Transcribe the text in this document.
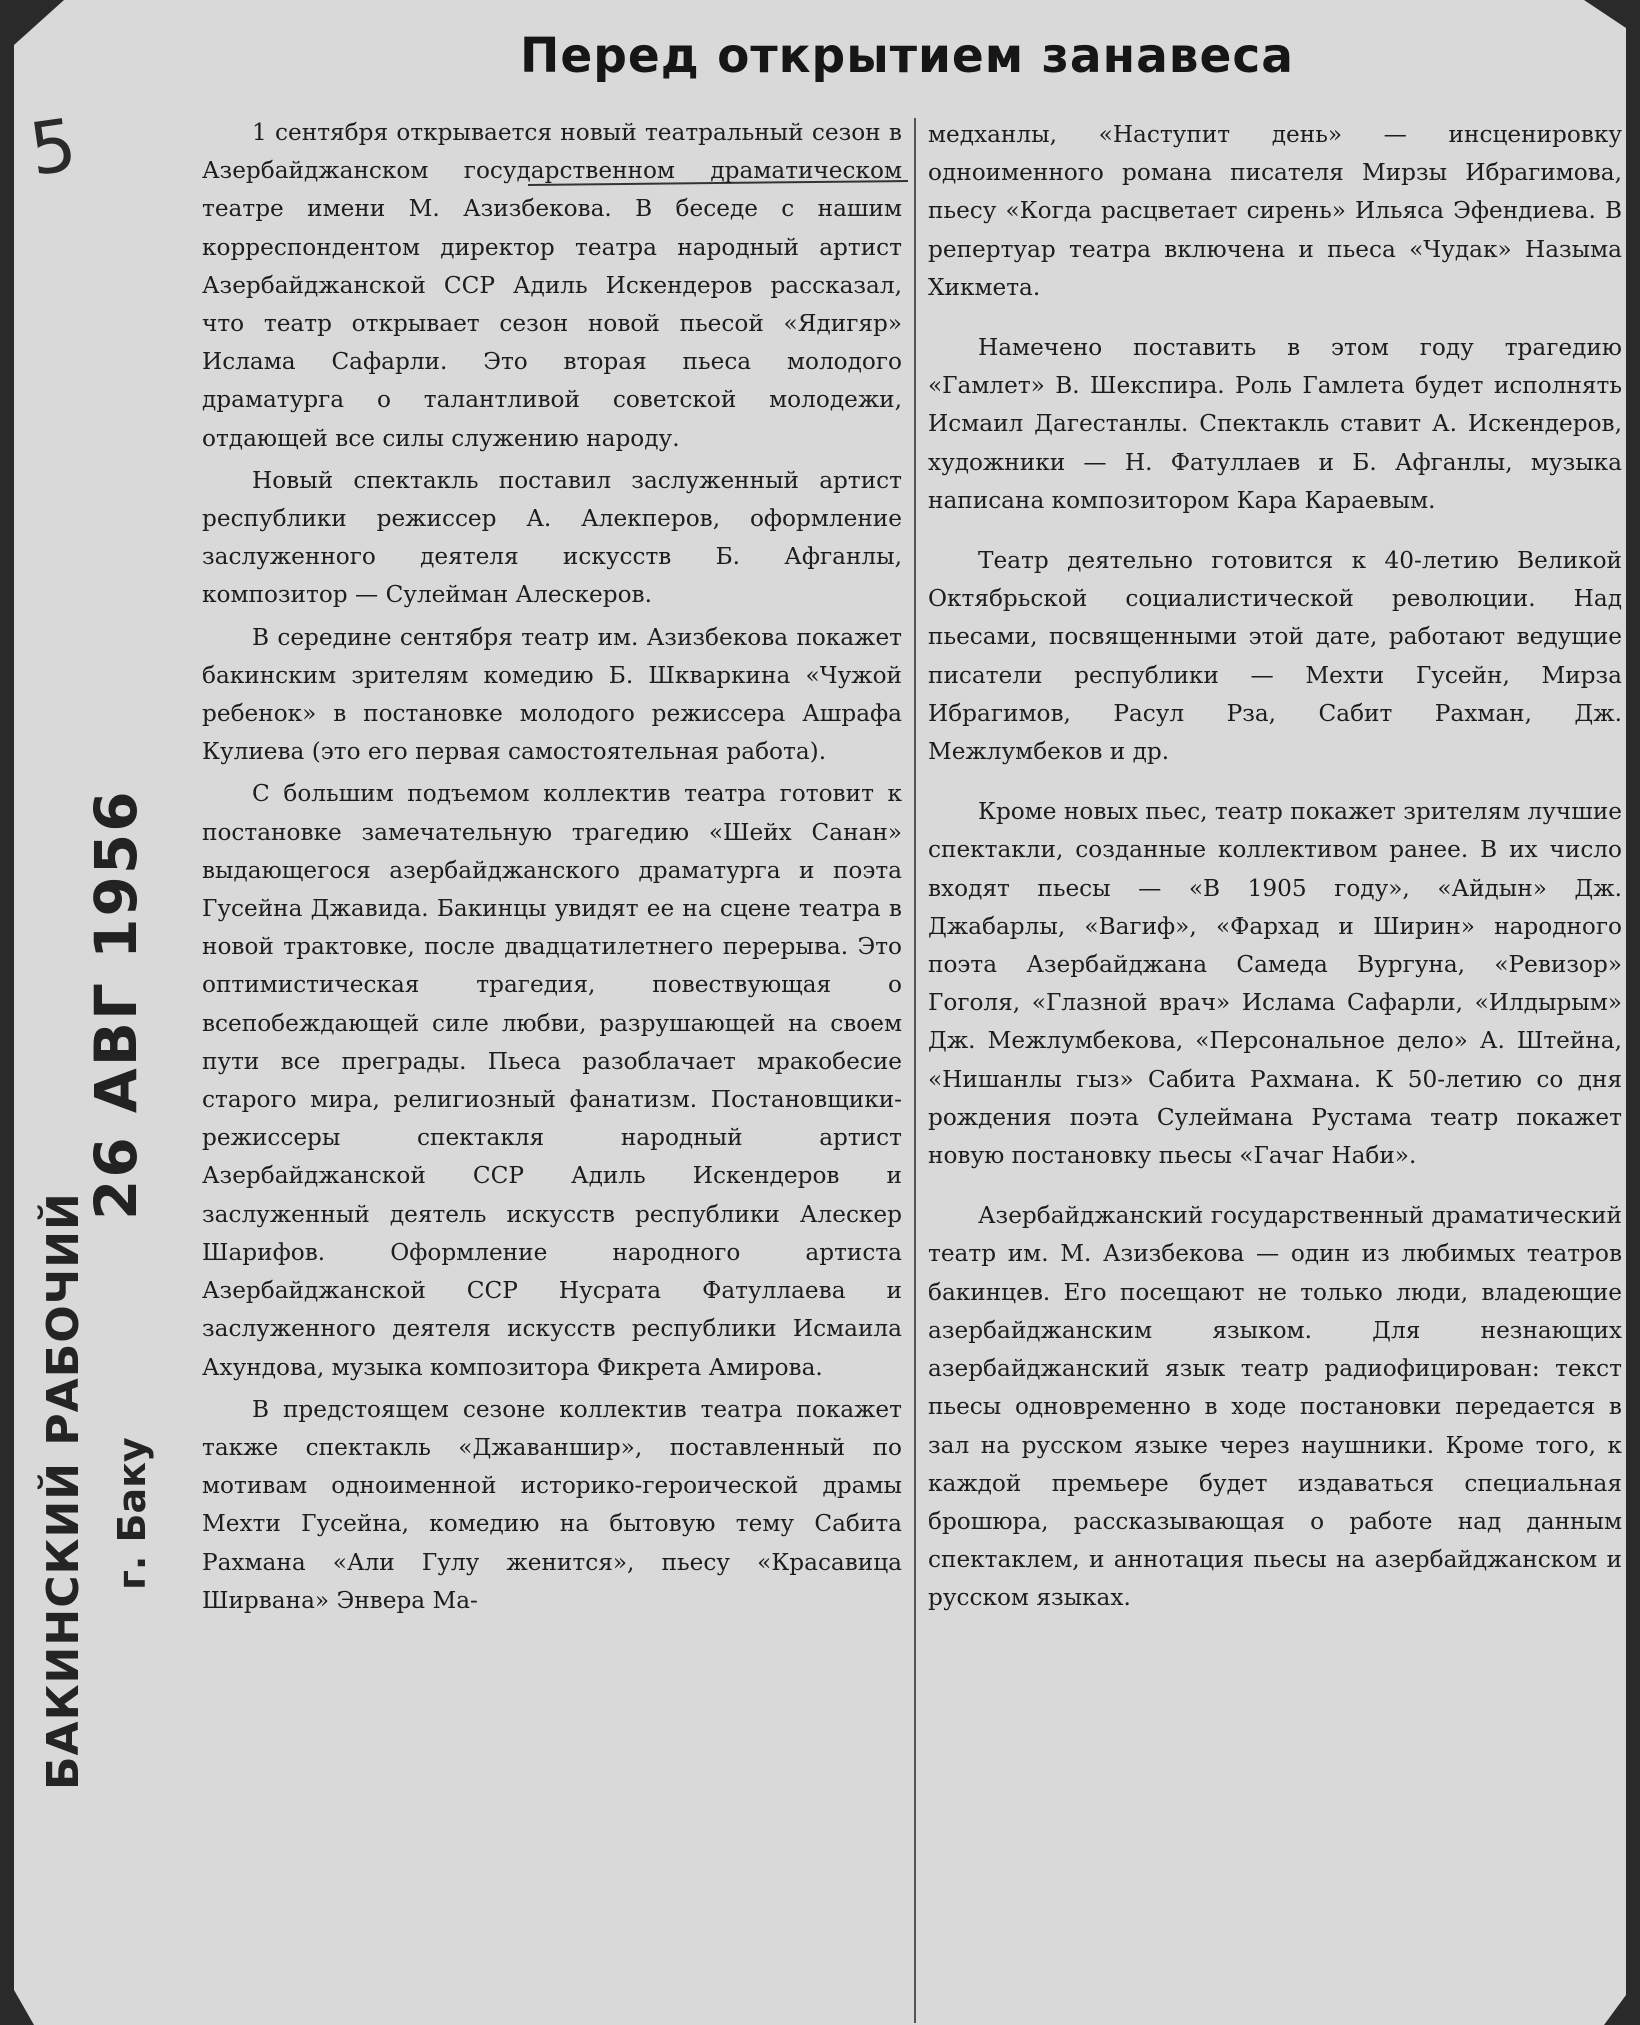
Перед открытием занавеса
5
26 АВГ 1956
БАКИНСКИЙ РАБОЧИЙ г. Баку

1 сентября открывается новый театральный сезон в Азербайджанском государственном драматическом театре имени М. Азизбекова. В беседе с нашим корреспондентом директор театра народный артист Азербайджанской ССР Адиль Искендеров рассказал, что театр открывает сезон новой пьесой «Ядигяр» Ислама Сафарли. Это вторая пьеса молодого драматурга о талантливой советской молодежи, отдающей все силы служению народу.

Новый спектакль поставил заслуженный артист республики режиссер А. Алекперов, оформление заслуженного деятеля искусств Б. Афганлы, композитор — Сулейман Алескеров.

В середине сентября театр им. Азизбекова покажет бакинским зрителям комедию Б. Шкваркина «Чужой ребенок» в постановке молодого режиссера Ашрафа Кулиева (это его первая самостоятельная работа).

С большим подъемом коллектив театра готовит к постановке замечательную трагедию «Шейх Санан» выдающегося азербайджанского драматурга и поэта Гусейна Джавида. Бакинцы увидят ее на сцене театра в новой трактовке, после двадцатилетнего перерыва. Это оптимистическая трагедия, повествующая о всепобеждающей силе любви, разрушающей на своем пути все преграды. Пьеса разоблачает мракобесие старого мира, религиозный фанатизм. Постановщики-режиссеры спектакля народный артист Азербайджанской ССР Адиль Искендеров и заслуженный деятель искусств республики Алескер Шарифов. Оформление народного артиста Азербайджанской ССР Нусрата Фатуллаева и заслуженного деятеля искусств республики Исмаила Ахундова, музыка композитора Фикрета Амирова.

В предстоящем сезоне коллектив театра покажет также спектакль «Джаваншир», поставленный по мотивам одноименной историко-героической драмы Мехти Гусейна, комедию на бытовую тему Сабита Рахмана «Али Гулу женится», пьесу «Красавица Ширвана» Энвера Ма-

медханлы, «Наступит день» — инсценировку одноименного романа писателя Мирзы Ибрагимова, пьесу «Когда расцветает сирень» Ильяса Эфендиева. В репертуар театра включена и пьеса «Чудак» Назыма Хикмета.

Намечено поставить в этом году трагедию «Гамлет» В. Шекспира. Роль Гамлета будет исполнять Исмаил Дагестанлы. Спектакль ставит А. Искендеров, художники — Н. Фатуллаев и Б. Афганлы, музыка написана композитором Кара Караевым.

Театр деятельно готовится к 40-летию Великой Октябрьской социалистической революции. Над пьесами, посвященными этой дате, работают ведущие писатели республики — Мехти Гусейн, Мирза Ибрагимов, Расул Рза, Сабит Рахман, Дж. Межлумбеков и др.

Кроме новых пьес, театр покажет зрителям лучшие спектакли, созданные коллективом ранее. В их число входят пьесы — «В 1905 году», «Айдын» Дж. Джабарлы, «Вагиф», «Фархад и Ширин» народного поэта Азербайджана Самеда Вургуна, «Ревизор» Гоголя, «Глазной врач» Ислама Сафарли, «Илдырым» Дж. Межлумбекова, «Персональное дело» А. Штейна, «Нишанлы гыз» Сабита Рахмана. К 50-летию со дня рождения поэта Сулеймана Рустама театр покажет новую постановку пьесы «Гачаг Наби».

Азербайджанский государственный драматический театр им. М. Азизбекова — один из любимых театров бакинцев. Его посещают не только люди, владеющие азербайджанским языком. Для незнающих азербайджанский язык театр радиофицирован: текст пьесы одновременно в ходе постановки передается в зал на русском языке через наушники. Кроме того, к каждой премьере будет издаваться специальная брошюра, рассказывающая о работе над данным спектаклем, и аннотация пьесы на азербайджанском и русском языках.
